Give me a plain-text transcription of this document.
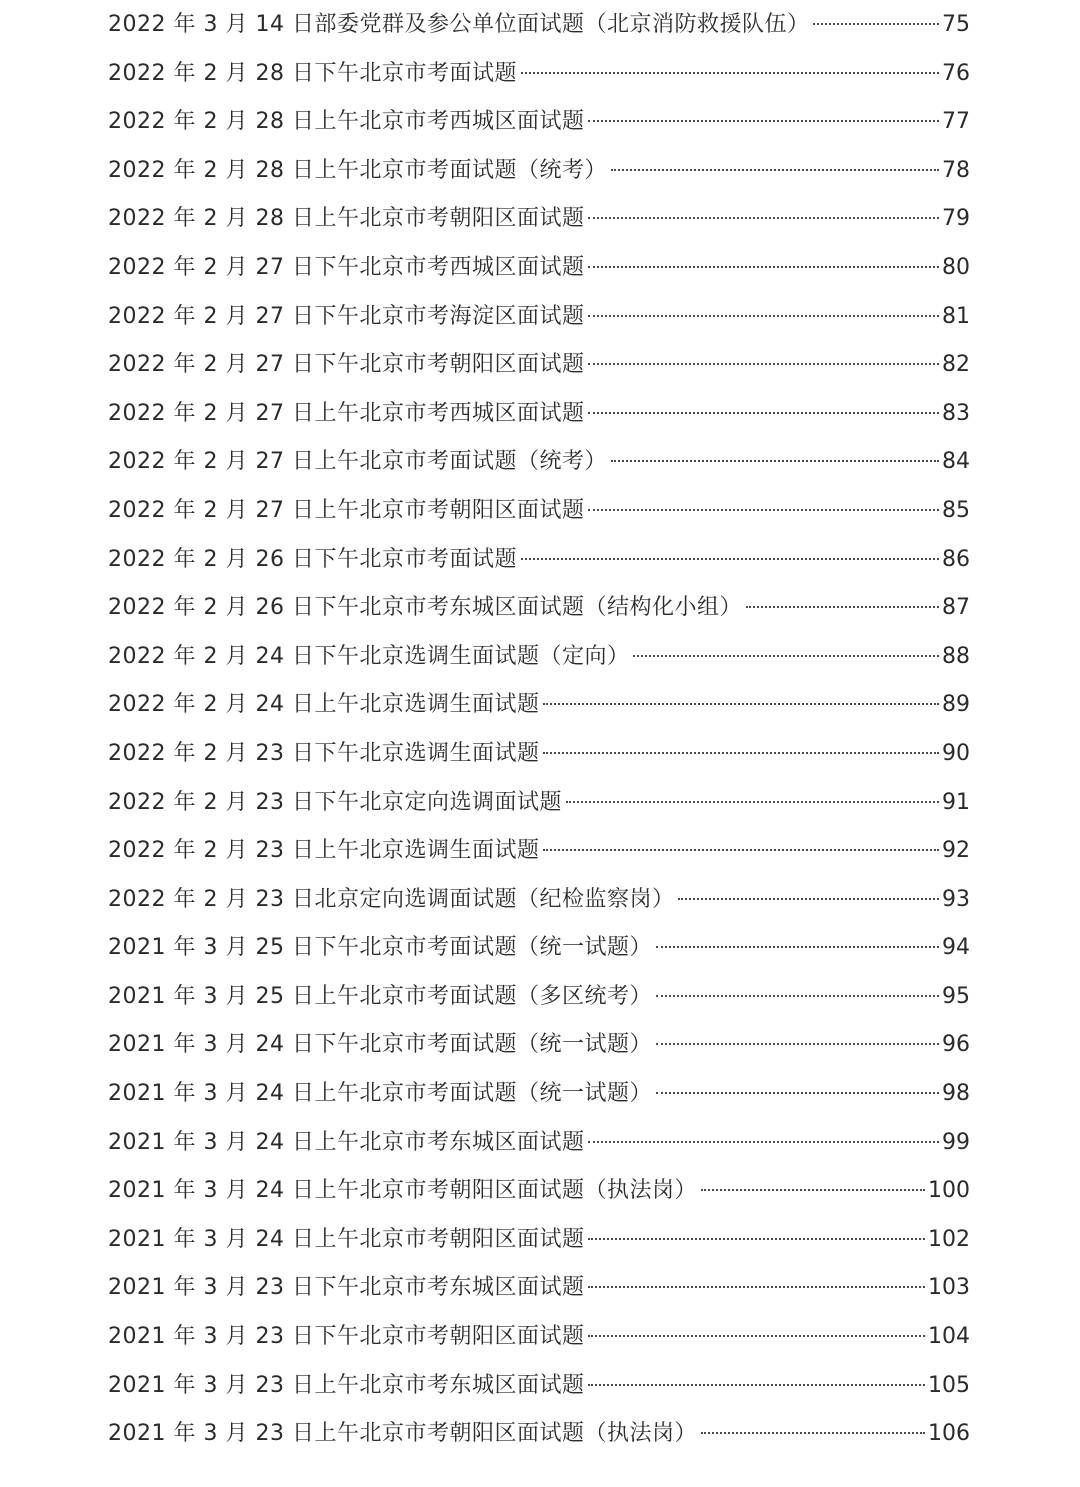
2022 年 3 月 14 日部委党群及参公单位面试题（北京消防救援队伍）	75
2022 年 2 月 28 日下午北京市考面试题	76
2022 年 2 月 28 日上午北京市考西城区面试题	77
2022 年 2 月 28 日上午北京市考面试题（统考）	78
2022 年 2 月 28 日上午北京市考朝阳区面试题	79
2022 年 2 月 27 日下午北京市考西城区面试题	80
2022 年 2 月 27 日下午北京市考海淀区面试题	81
2022 年 2 月 27 日下午北京市考朝阳区面试题	82
2022 年 2 月 27 日上午北京市考西城区面试题	83
2022 年 2 月 27 日上午北京市考面试题（统考）	84
2022 年 2 月 27 日上午北京市考朝阳区面试题	85
2022 年 2 月 26 日下午北京市考面试题	86
2022 年 2 月 26 日下午北京市考东城区面试题（结构化小组）	87
2022 年 2 月 24 日下午北京选调生面试题（定向）	88
2022 年 2 月 24 日上午北京选调生面试题	89
2022 年 2 月 23 日下午北京选调生面试题	90
2022 年 2 月 23 日下午北京定向选调面试题	91
2022 年 2 月 23 日上午北京选调生面试题	92
2022 年 2 月 23 日北京定向选调面试题（纪检监察岗）	93
2021 年 3 月 25 日下午北京市考面试题（统一试题）	94
2021 年 3 月 25 日上午北京市考面试题（多区统考）	95
2021 年 3 月 24 日下午北京市考面试题（统一试题）	96
2021 年 3 月 24 日上午北京市考面试题（统一试题）	98
2021 年 3 月 24 日上午北京市考东城区面试题	99
2021 年 3 月 24 日上午北京市考朝阳区面试题（执法岗）	100
2021 年 3 月 24 日上午北京市考朝阳区面试题	102
2021 年 3 月 23 日下午北京市考东城区面试题	103
2021 年 3 月 23 日下午北京市考朝阳区面试题	104
2021 年 3 月 23 日上午北京市考东城区面试题	105
2021 年 3 月 23 日上午北京市考朝阳区面试题（执法岗）	106
